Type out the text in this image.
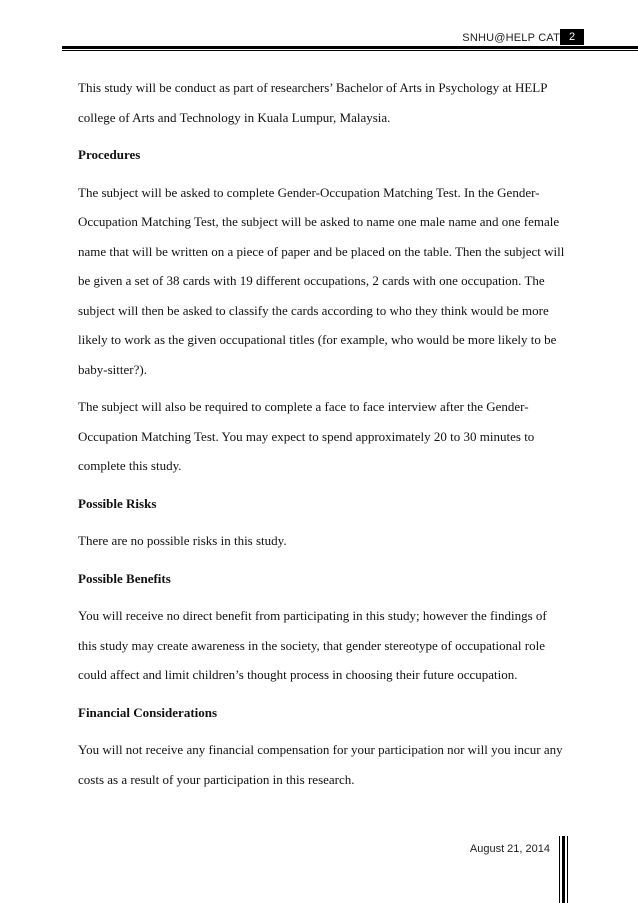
SNHU@HELP CAT 2

This study will be conduct as part of researchers’ Bachelor of Arts in Psychology at HELP college of Arts and Technology in Kuala Lumpur, Malaysia.

Procedures

The subject will be asked to complete Gender-Occupation Matching Test. In the Gender-Occupation Matching Test, the subject will be asked to name one male name and one female name that will be written on a piece of paper and be placed on the table. Then the subject will be given a set of 38 cards with 19 different occupations, 2 cards with one occupation. The subject will then be asked to classify the cards according to who they think would be more likely to work as the given occupational titles (for example, who would be more likely to be baby-sitter?).

The subject will also be required to complete a face to face interview after the Gender-Occupation Matching Test. You may expect to spend approximately 20 to 30 minutes to complete this study.

Possible Risks

There are no possible risks in this study.

Possible Benefits

You will receive no direct benefit from participating in this study; however the findings of this study may create awareness in the society, that gender stereotype of occupational role could affect and limit children’s thought process in choosing their future occupation.

Financial Considerations

You will not receive any financial compensation for your participation nor will you incur any costs as a result of your participation in this research.

August 21, 2014
